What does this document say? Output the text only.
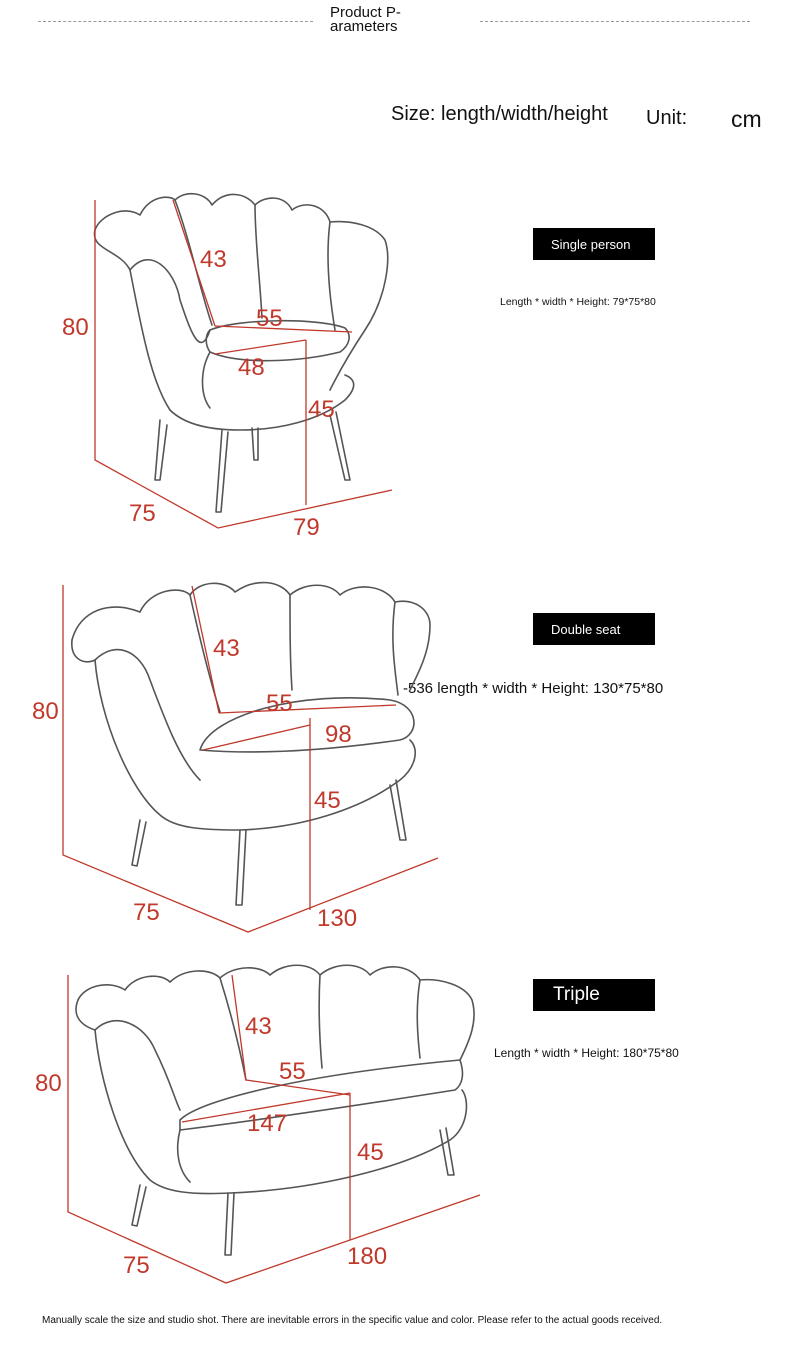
Product P-arameters
Size: length/width/height Unit: cm
Single person
Length * width * Height: 79*75*80
Double seat
-536 length * width * Height: 130*75*80
Triple
Length * width * Height: 180*75*80
80
43
55
48
45
75
79
80
43
55
98
45
75	130
80
43
55
147
45
75	180
Manually scale the size and studio shot. There are inevitable errors in the specific value and color. Please refer to the actual goods received.
